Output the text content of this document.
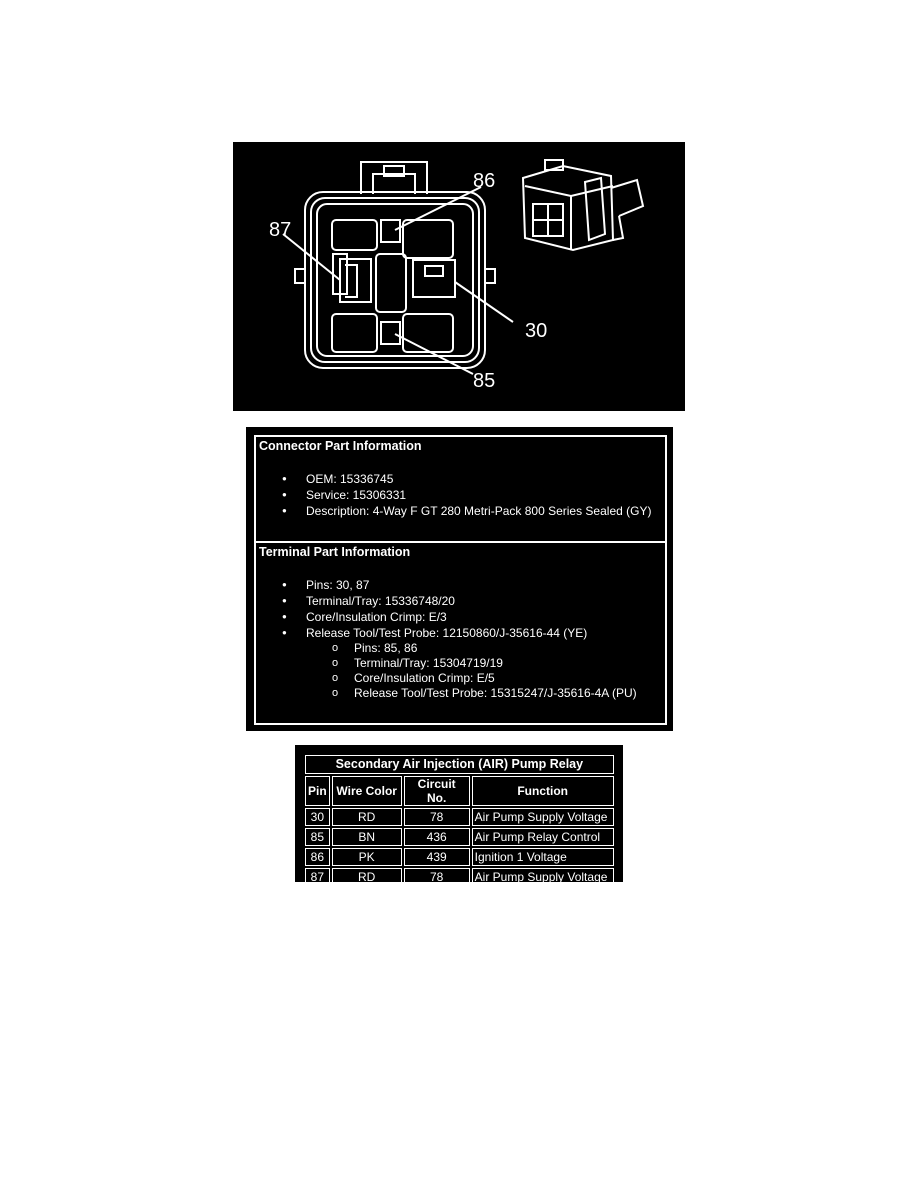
86
87
30
85
Connector Part Information
● OEM: 15336745
● Service: 15306331
● Description: 4-Way F GT 280 Metri-Pack 800 Series Sealed (GY)
Terminal Part Information
● Pins: 30, 87
● Terminal/Tray: 15336748/20
● Core/Insulation Crimp: E/3
● Release Tool/Test Probe: 12150860/J-35616-44 (YE)
o Pins: 85, 86
o Terminal/Tray: 15304719/19
o Core/Insulation Crimp: E/5
o Release Tool/Test Probe: 15315247/J-35616-4A (PU)
Secondary Air Injection (AIR) Pump Relay
Pin	Wire Color	Circuit No.	Function
30	RD	78	Air Pump Supply Voltage
85	BN	436	Air Pump Relay Control
86	PK	439	Ignition 1 Voltage
87	RD	78	Air Pump Supply Voltage
